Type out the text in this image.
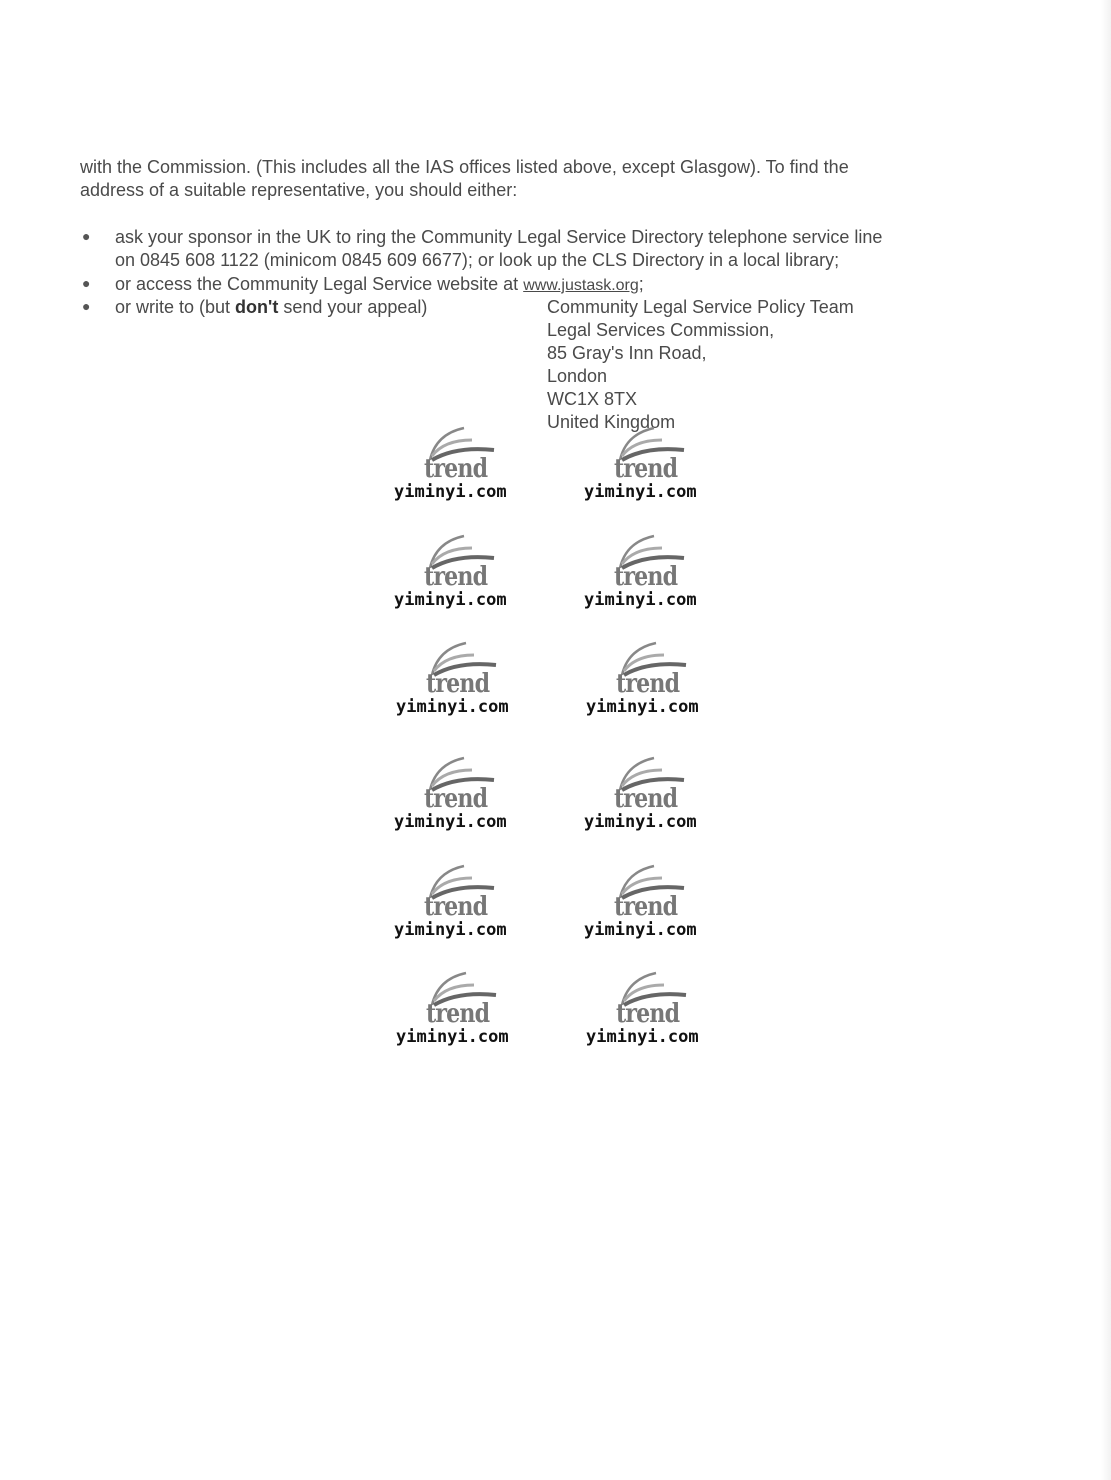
with the Commission. (This includes all the IAS offices listed above, except Glasgow). To find the
address of a suitable representative, you should either:
● ask your sponsor in the UK to ring the Community Legal Service Directory telephone service line
on 0845 608 1122 (minicom 0845 609 6677); or look up the CLS Directory in a local library;
● or access the Community Legal Service website at www.justask.org;
● or write to (but don't send your appeal)	Community Legal Service Policy Team
Legal Services Commission,
85 Gray's Inn Road,
London
WC1X 8TX
United Kingdom
trend
yiminyi.com
trend
yiminyi.com
trend
yiminyi.com
trend
yiminyi.com
trend
yiminyi.com
trend
yiminyi.com
trend
yiminyi.com
trend
yiminyi.com
trend
yiminyi.com
trend
yiminyi.com
trend
yiminyi.com
trend
yiminyi.com
